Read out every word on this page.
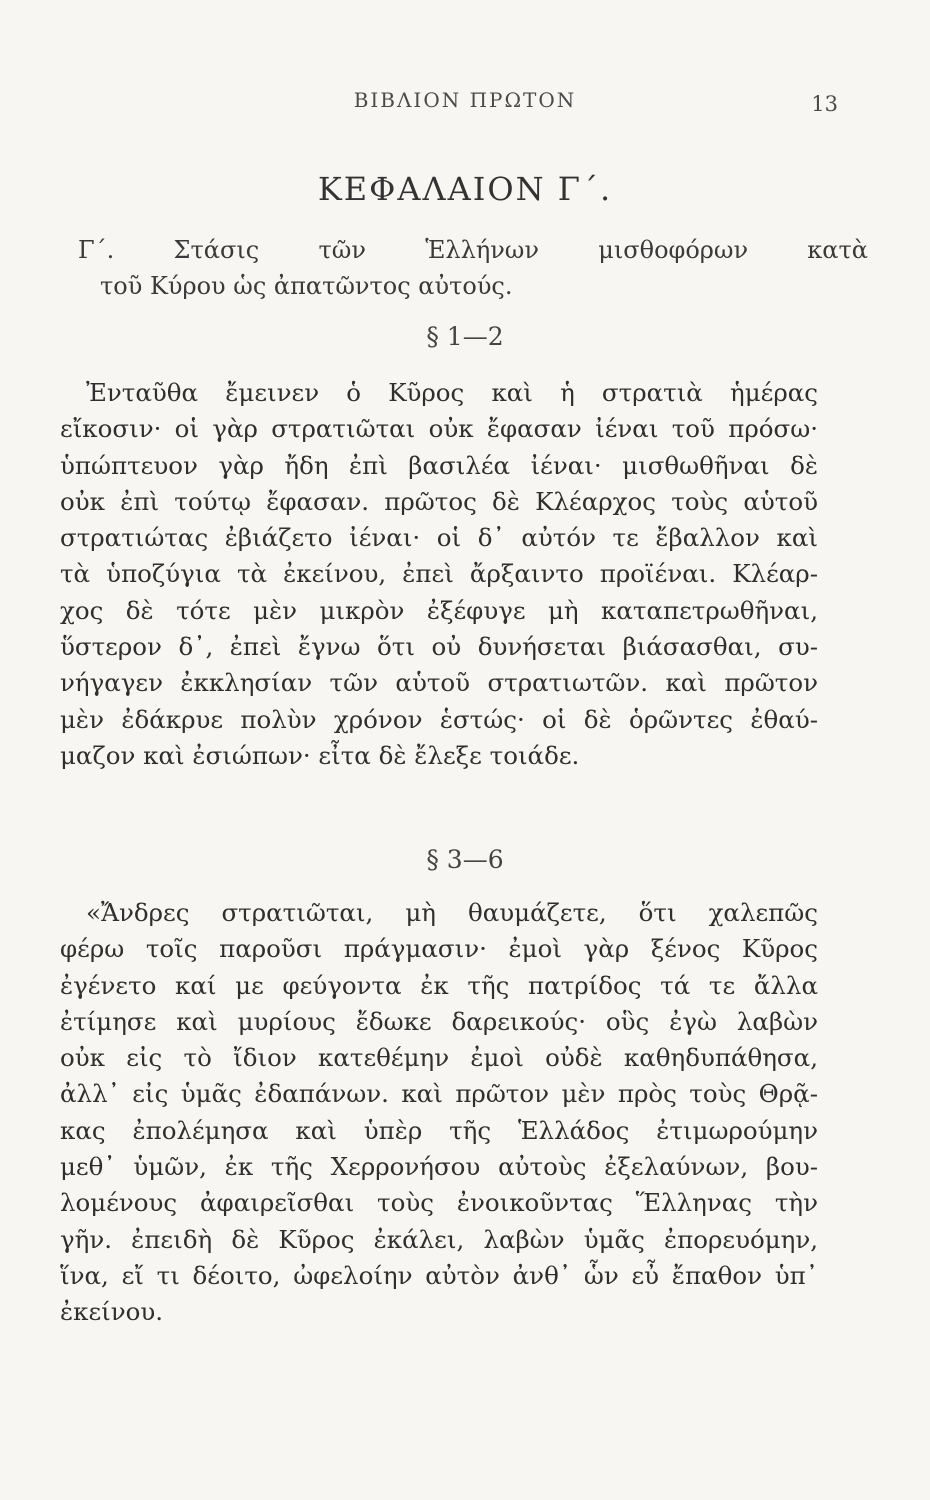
ΒΙΒΛΙΟΝ ΠΡΩΤΟΝ	13
ΚΕΦΑΛΑΙΟΝ Γ΄.
Γ΄. Στάσις τῶν Ἑλλήνων μισθοφόρων κατὰ
τοῦ Κύρου ὡς ἀπατῶντος αὐτούς.
§ 1—2
Ἐνταῦθα ἔμεινεν ὁ Κῦρος καὶ ἡ στρατιὰ ἡμέρας
εἴκοσιν· οἱ γὰρ στρατιῶται οὐκ ἔφασαν ἰέναι τοῦ πρόσω·
ὑπώπτευον γὰρ ἤδη ἐπὶ βασιλέα ἰέναι· μισθωθῆναι δὲ
οὐκ ἐπὶ τούτῳ ἔφασαν. πρῶτος δὲ Κλέαρχος τοὺς αὑτοῦ
στρατιώτας ἐβιάζετο ἰέναι· οἱ δ᾽ αὐτόν τε ἔβαλλον καὶ
τὰ ὑποζύγια τὰ ἐκείνου, ἐπεὶ ἄρξαιντο προϊέναι. Κλέαρ-
χος δὲ τότε μὲν μικρὸν ἐξέφυγε μὴ καταπετρωθῆναι,
ὕστερον δ᾽, ἐπεὶ ἔγνω ὅτι οὐ δυνήσεται βιάσασθαι, συ-
νήγαγεν ἐκκλησίαν τῶν αὑτοῦ στρατιωτῶν. καὶ πρῶτον
μὲν ἐδάκρυε πολὺν χρόνον ἑστώς· οἱ δὲ ὁρῶντες ἐθαύ-
μαζον καὶ ἐσιώπων· εἶτα δὲ ἔλεξε τοιάδε.
§ 3—6
«Ἄνδρες στρατιῶται, μὴ θαυμάζετε, ὅτι χαλεπῶς
φέρω τοῖς παροῦσι πράγμασιν· ἐμοὶ γὰρ ξένος Κῦρος
ἐγένετο καί με φεύγοντα ἐκ τῆς πατρίδος τά τε ἄλλα
ἐτίμησε καὶ μυρίους ἔδωκε δαρεικούς· οὓς ἐγὼ λαβὼν
οὐκ εἰς τὸ ἴδιον κατεθέμην ἐμοὶ οὐδὲ καθηδυπάθησα,
ἀλλ᾽ εἰς ὑμᾶς ἐδαπάνων. καὶ πρῶτον μὲν πρὸς τοὺς Θρᾷ-
κας ἐπολέμησα καὶ ὑπὲρ τῆς Ἑλλάδος ἐτιμωρούμην
μεθ᾽ ὑμῶν, ἐκ τῆς Χερρονήσου αὐτοὺς ἐξελαύνων, βου-
λομένους ἀφαιρεῖσθαι τοὺς ἐνοικοῦντας Ἕλληνας τὴν
γῆν. ἐπειδὴ δὲ Κῦρος ἐκάλει, λαβὼν ὑμᾶς ἐπορευόμην,
ἵνα, εἴ τι δέοιτο, ὠφελοίην αὐτὸν ἀνθ᾽ ὧν εὖ ἔπαθον ὑπ᾽
ἐκείνου.
